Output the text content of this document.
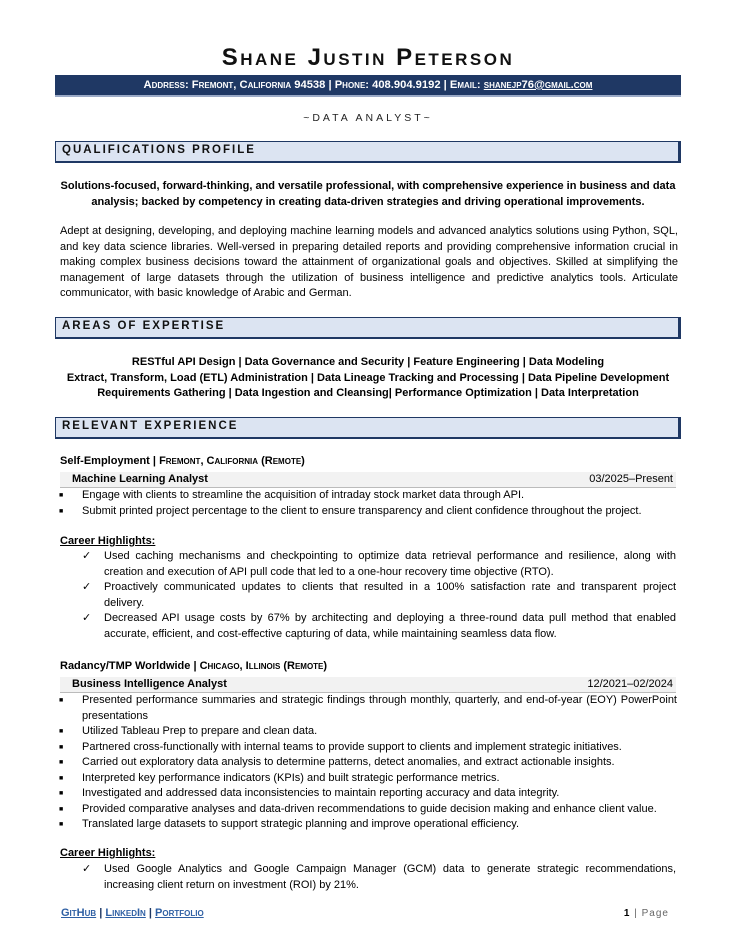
Shane Justin Peterson
Address: Fremont, California 94538 | Phone: 408.904.9192 | Email: shanejp76@gmail.com
~DATA ANALYST~
QUALIFICATIONS PROFILE
Solutions-focused, forward-thinking, and versatile professional, with comprehensive experience in business and data analysis; backed by competency in creating data-driven strategies and driving operational improvements.
Adept at designing, developing, and deploying machine learning models and advanced analytics solutions using Python, SQL, and key data science libraries. Well-versed in preparing detailed reports and providing comprehensive information crucial in making complex business decisions toward the attainment of organizational goals and objectives. Skilled at simplifying the management of large datasets through the utilization of business intelligence and predictive analytics tools. Articulate communicator, with basic knowledge of Arabic and German.
AREAS OF EXPERTISE
RESTful API Design | Data Governance and Security | Feature Engineering | Data Modeling
Extract, Transform, Load (ETL) Administration | Data Lineage Tracking and Processing | Data Pipeline Development
Requirements Gathering | Data Ingestion and Cleansing| Performance Optimization | Data Interpretation
RELEVANT EXPERIENCE
Self-Employment | Fremont, California (Remote)
Machine Learning Analyst	03/2025–Present
■ Engage with clients to streamline the acquisition of intraday stock market data through API.
■ Submit printed project percentage to the client to ensure transparency and client confidence throughout the project.
Career Highlights:
✓ Used caching mechanisms and checkpointing to optimize data retrieval performance and resilience, along with creation and execution of API pull code that led to a one-hour recovery time objective (RTO).
✓ Proactively communicated updates to clients that resulted in a 100% satisfaction rate and transparent project delivery.
✓ Decreased API usage costs by 67% by architecting and deploying a three-round data pull method that enabled accurate, efficient, and cost-effective capturing of data, while maintaining seamless data flow.
Radancy/TMP Worldwide | Chicago, Illinois (Remote)
Business Intelligence Analyst	12/2021–02/2024
■ Presented performance summaries and strategic findings through monthly, quarterly, and end-of-year (EOY) PowerPoint presentations
■ Utilized Tableau Prep to prepare and clean data.
■ Partnered cross-functionally with internal teams to provide support to clients and implement strategic initiatives.
■ Carried out exploratory data analysis to determine patterns, detect anomalies, and extract actionable insights.
■ Interpreted key performance indicators (KPIs) and built strategic performance metrics.
■ Investigated and addressed data inconsistencies to maintain reporting accuracy and data integrity.
■ Provided comparative analyses and data-driven recommendations to guide decision making and enhance client value.
■ Translated large datasets to support strategic planning and improve operational efficiency.
Career Highlights:
✓ Used Google Analytics and Google Campaign Manager (GCM) data to generate strategic recommendations, increasing client return on investment (ROI) by 21%.
GitHub | LinkedIn | Portfolio	1 | Page
